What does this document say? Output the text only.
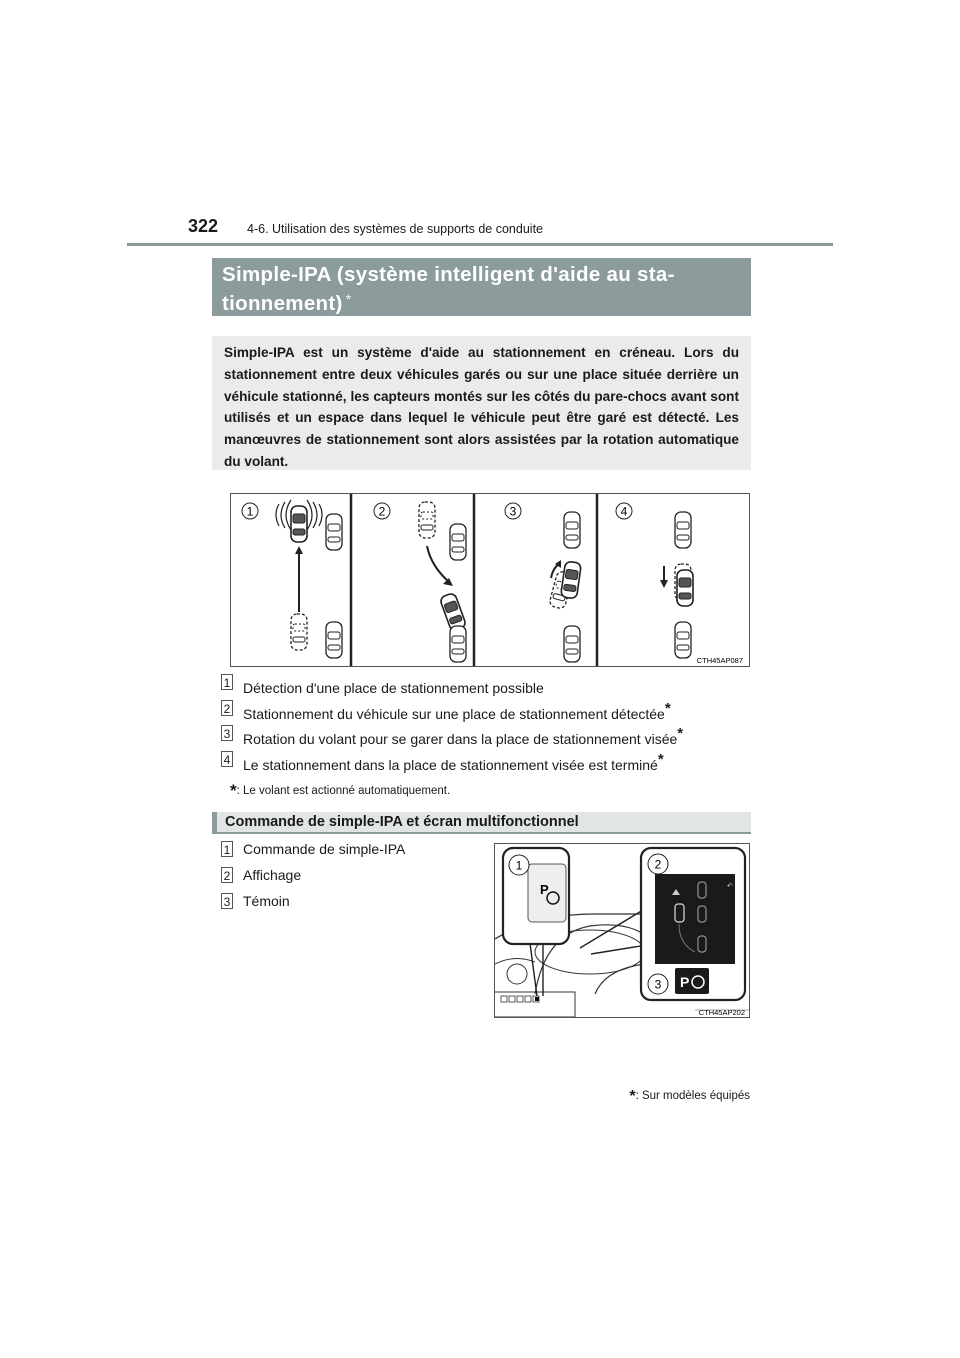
322 4-6. Utilisation des systèmes de supports de conduite
Simple-IPA (système intelligent d'aide au sta-
tionnement) *
Simple-IPA est un système d'aide au stationnement en créneau. Lors du stationnement entre deux véhicules garés ou sur une place située derrière un véhicule stationné, les capteurs montés sur les côtés du pare-chocs avant sont utilisés et un espace dans lequel le véhicule peut être garé est détecté. Les manœuvres de stationnement sont alors assistées par la rotation automatique du volant.
1	2	3	4
CTH45AP087
1 Détection d'une place de stationnement possible
2 Stationnement du véhicule sur une place de stationnement détectée*
3 Rotation du volant pour se garer dans la place de stationnement visée*
4 Le stationnement dans la place de stationnement visée est terminé*
*: Le volant est actionné automatiquement.
Commande de simple-IPA et écran multifonctionnel
1 Commande de simple-IPA
2 Affichage
3 Témoin
P
1
↶
P
2
3
CTH45AP202
*: Sur modèles équipés
